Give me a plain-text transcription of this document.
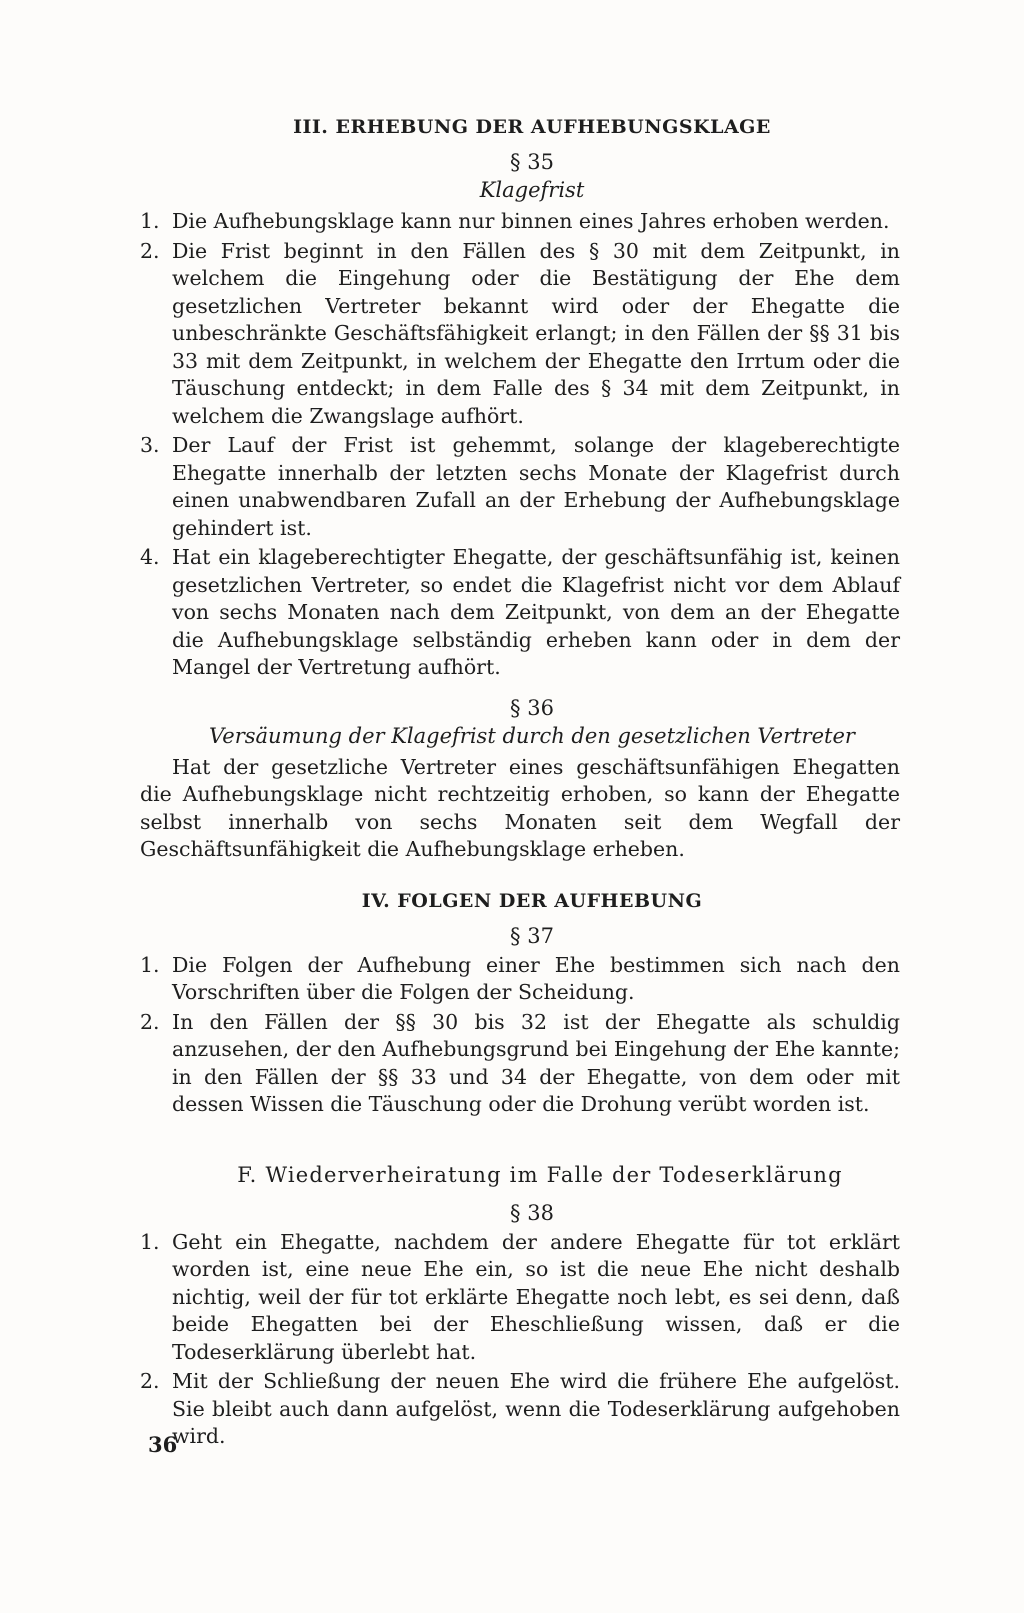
III. ERHEBUNG DER AUFHEBUNGSKLAGE
§ 35
Klagefrist
1. Die Aufhebungsklage kann nur binnen eines Jahres erhoben werden.
2. Die Frist beginnt in den Fällen des § 30 mit dem Zeitpunkt, in welchem die Eingehung oder die Bestätigung der Ehe dem gesetzlichen Vertreter bekannt wird oder der Ehegatte die unbeschränkte Geschäftsfähigkeit erlangt; in den Fällen der §§ 31 bis 33 mit dem Zeitpunkt, in welchem der Ehegatte den Irrtum oder die Täuschung entdeckt; in dem Falle des § 34 mit dem Zeitpunkt, in welchem die Zwangslage aufhört.
3. Der Lauf der Frist ist gehemmt, solange der klageberechtigte Ehegatte innerhalb der letzten sechs Monate der Klagefrist durch einen unabwendbaren Zufall an der Erhebung der Aufhebungsklage gehindert ist.
4. Hat ein klageberechtigter Ehegatte, der geschäftsunfähig ist, keinen gesetzlichen Vertreter, so endet die Klagefrist nicht vor dem Ablauf von sechs Monaten nach dem Zeitpunkt, von dem an der Ehegatte die Aufhebungsklage selbständig erheben kann oder in dem der Mangel der Vertretung aufhört.
§ 36
Versäumung der Klagefrist durch den gesetzlichen Vertreter

Hat der gesetzliche Vertreter eines geschäftsunfähigen Ehegatten die Aufhebungsklage nicht rechtzeitig erhoben, so kann der Ehegatte selbst innerhalb von sechs Monaten seit dem Wegfall der Geschäftsunfähigkeit die Aufhebungsklage erheben.

IV. FOLGEN DER AUFHEBUNG
§ 37
1. Die Folgen der Aufhebung einer Ehe bestimmen sich nach den Vorschriften über die Folgen der Scheidung.
2. In den Fällen der §§ 30 bis 32 ist der Ehegatte als schuldig anzusehen, der den Aufhebungsgrund bei Eingehung der Ehe kannte; in den Fällen der §§ 33 und 34 der Ehegatte, von dem oder mit dessen Wissen die Täuschung oder die Drohung verübt worden ist.
F. Wiederverheiratung im Falle der Todeserklärung
§ 38
1. Geht ein Ehegatte, nachdem der andere Ehegatte für tot erklärt worden ist, eine neue Ehe ein, so ist die neue Ehe nicht deshalb nichtig, weil der für tot erklärte Ehegatte noch lebt, es sei denn, daß beide Ehegatten bei der Eheschließung wissen, daß er die Todeserklärung überlebt hat.
2. Mit der Schließung der neuen Ehe wird die frühere Ehe aufgelöst. Sie bleibt auch dann aufgelöst, wenn die Todeserklärung aufgehoben wird.
36
